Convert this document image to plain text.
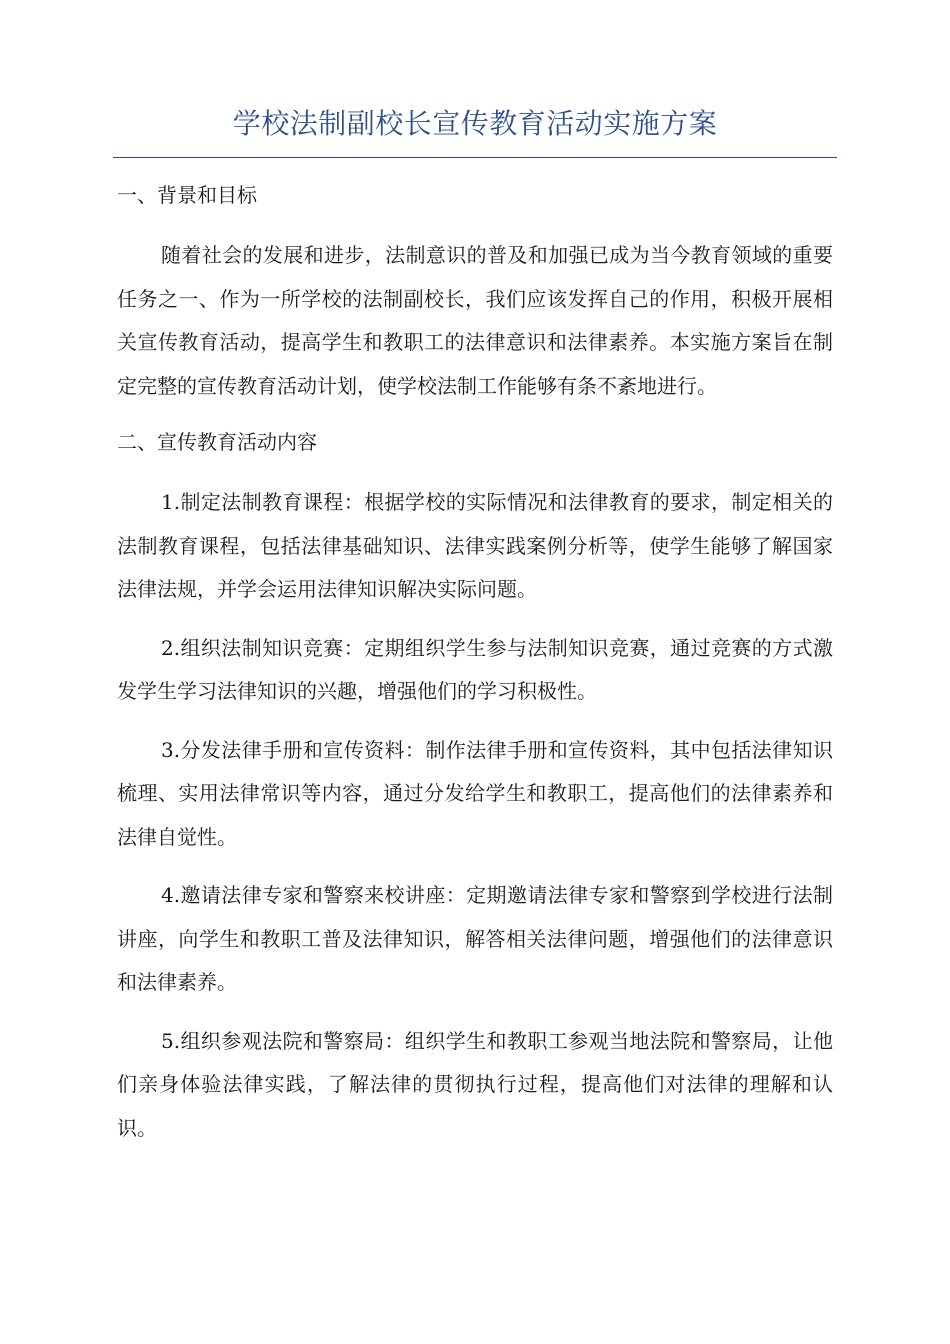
学校法制副校长宣传教育活动实施方案

一、背景和目标

随着社会的发展和进步，法制意识的普及和加强已成为当今教育领域的重要任务之一、作为一所学校的法制副校长，我们应该发挥自己的作用，积极开展相关宣传教育活动，提高学生和教职工的法律意识和法律素养。本实施方案旨在制定完整的宣传教育活动计划，使学校法制工作能够有条不紊地进行。

二、宣传教育活动内容

1.制定法制教育课程：根据学校的实际情况和法律教育的要求，制定相关的法制教育课程，包括法律基础知识、法律实践案例分析等，使学生能够了解国家法律法规，并学会运用法律知识解决实际问题。

2.组织法制知识竞赛：定期组织学生参与法制知识竞赛，通过竞赛的方式激发学生学习法律知识的兴趣，增强他们的学习积极性。

3.分发法律手册和宣传资料：制作法律手册和宣传资料，其中包括法律知识梳理、实用法律常识等内容，通过分发给学生和教职工，提高他们的法律素养和法律自觉性。

4.邀请法律专家和警察来校讲座：定期邀请法律专家和警察到学校进行法制讲座，向学生和教职工普及法律知识，解答相关法律问题，增强他们的法律意识和法律素养。

5.组织参观法院和警察局：组织学生和教职工参观当地法院和警察局，让他们亲身体验法律实践，了解法律的贯彻执行过程，提高他们对法律的理解和认识。
